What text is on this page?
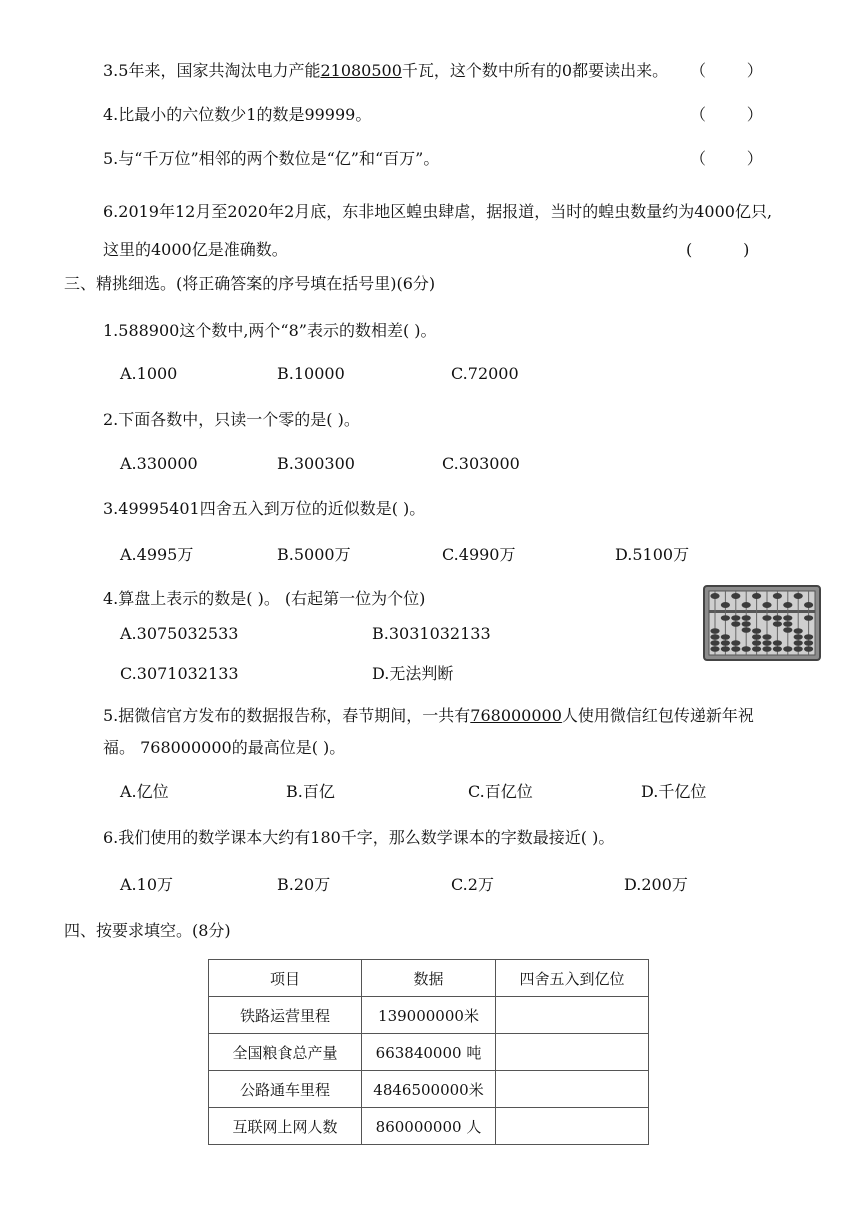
3.5年来，国家共淘汰电力产能21080500千瓦，这个数中所有的0都要读出来。 （        ）
4.比最小的六位数少1的数是99999。	（        ）
5.与“千万位”相邻的两个数位是“亿”和“百万”。	（        ）
6.2019年12月至2020年2月底，东非地区蝗虫肆虐，据报道，当时的蝗虫数量约为4000亿只,
这里的4000亿是准确数。	(          )
三、精挑细选。(将正确答案的序号填在括号里)(6分)
1.588900这个数中,两个“8”表示的数相差( )。
A.1000	B.10000	C.72000
2.下面各数中，只读一个零的是( )。
A.330000	B.300300	C.303000
3.49995401四舍五入到万位的近似数是( )。
A.4995万	B.5000万	C.4990万	D.5100万
4.算盘上表示的数是( )。 (右起第一位为个位)
A.3075032533	B.3031032133
C.3071032133	D.无法判断
5.据微信官方发布的数据报告称，春节期间，一共有768000000人使用微信红包传递新年祝
福。 768000000的最高位是( )。
A.亿位	B.百亿	C.百亿位	D.千亿位
6.我们使用的数学课本大约有180千字，那么数学课本的字数最接近( )。
A.10万	B.20万	C.2万	D.200万
四、按要求填空。(8分)
项目	数据	四舍五入到亿位
铁路运营里程	139000000米	
全国粮食总产量	663840000 吨	
公路通车里程	4846500000米	
互联网上网人数	860000000 人	
